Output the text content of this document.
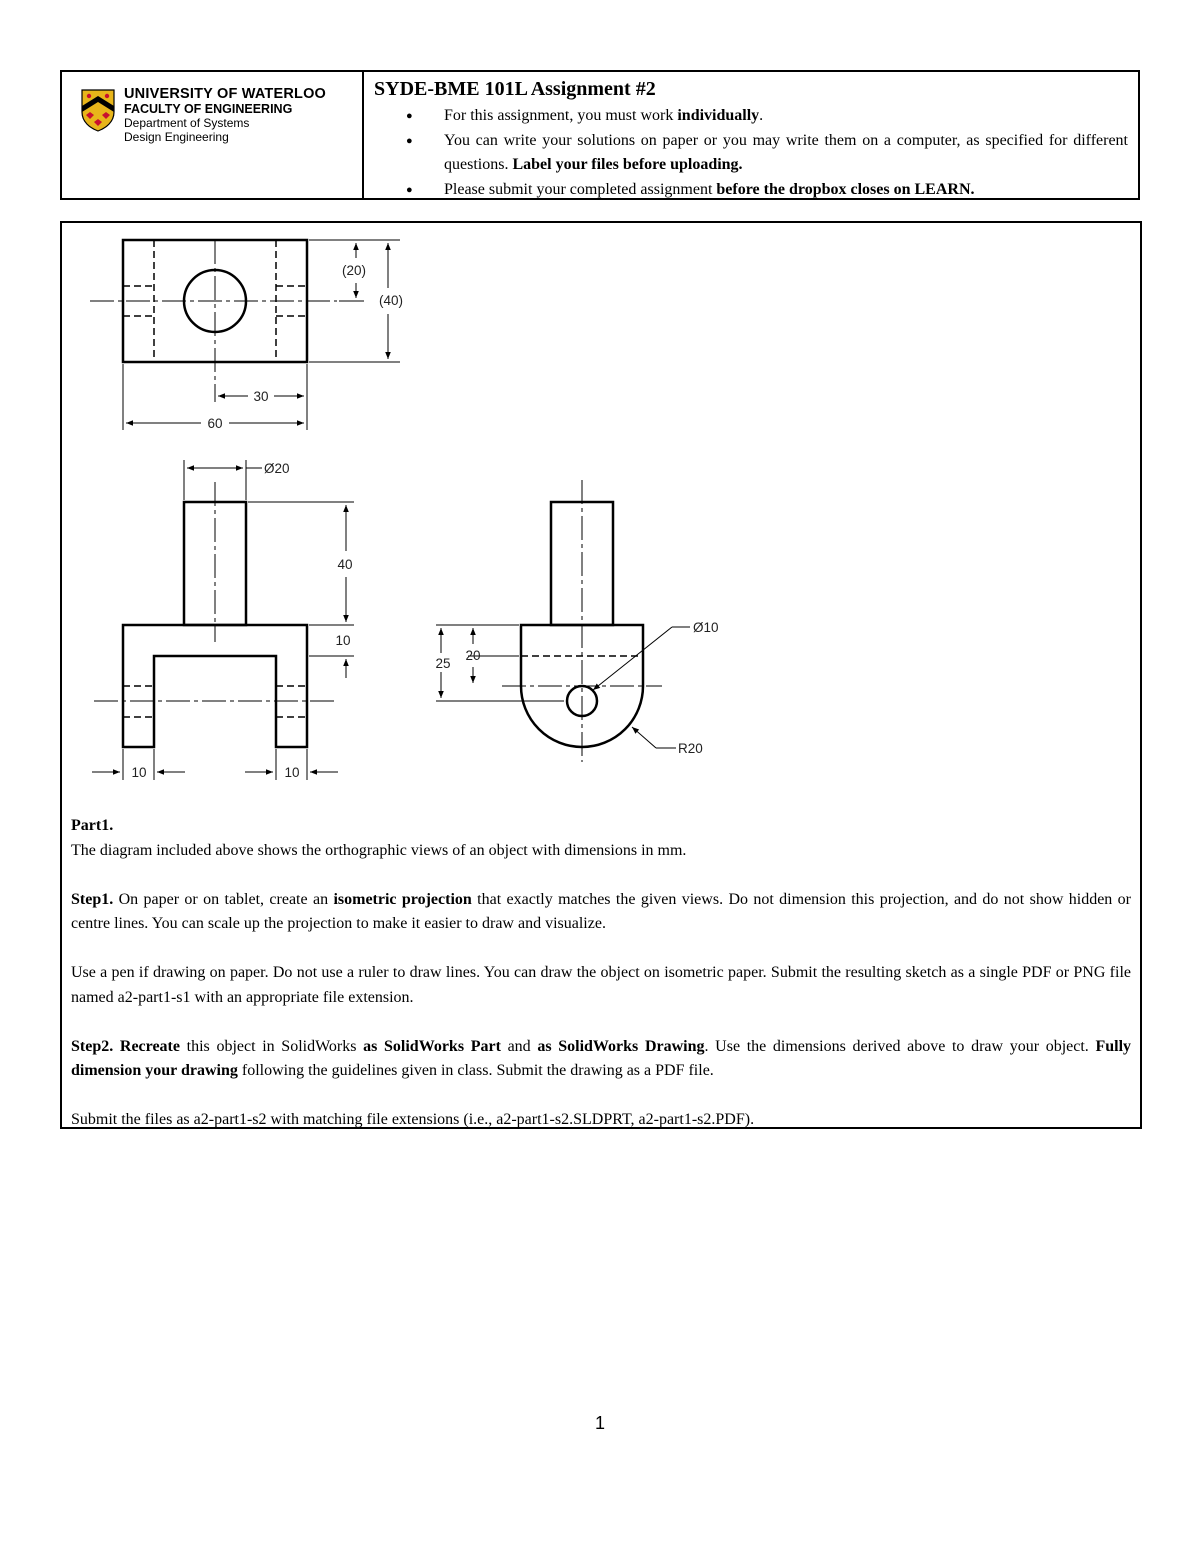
UNIVERSITY OF WATERLOO
FACULTY OF ENGINEERING
Department of Systems
Design Engineering
SYDE-BME 101L Assignment #2
● For this assignment, you must work individually.
● You can write your solutions on paper or you may write them on a computer, as specified for different questions. Label your files before uploading.
● Please submit your completed assignment before the dropbox closes on LEARN.
(20)
(40)
30
60
Ø20
40
10
10	10
Ø10
25
20
R20

Part1.

The diagram included above shows the orthographic views of an object with dimensions in mm.

Step1. On paper or on tablet, create an isometric projection that exactly matches the given views. Do not dimension this projection, and do not show hidden or centre lines. You can scale up the projection to make it easier to draw and visualize.

Use a pen if drawing on paper. Do not use a ruler to draw lines. You can draw the object on isometric paper. Submit the resulting sketch as a single PDF or PNG file named a2-part1-s1 with an appropriate file extension.

Step2. Recreate this object in SolidWorks as SolidWorks Part and as SolidWorks Drawing. Use the dimensions derived above to draw your object. Fully dimension your drawing following the guidelines given in class. Submit the drawing as a PDF file.

Submit the files as a2-part1-s2 with matching file extensions (i.e., a2-part1-s2.SLDPRT, a2-part1-s2.PDF).

1
